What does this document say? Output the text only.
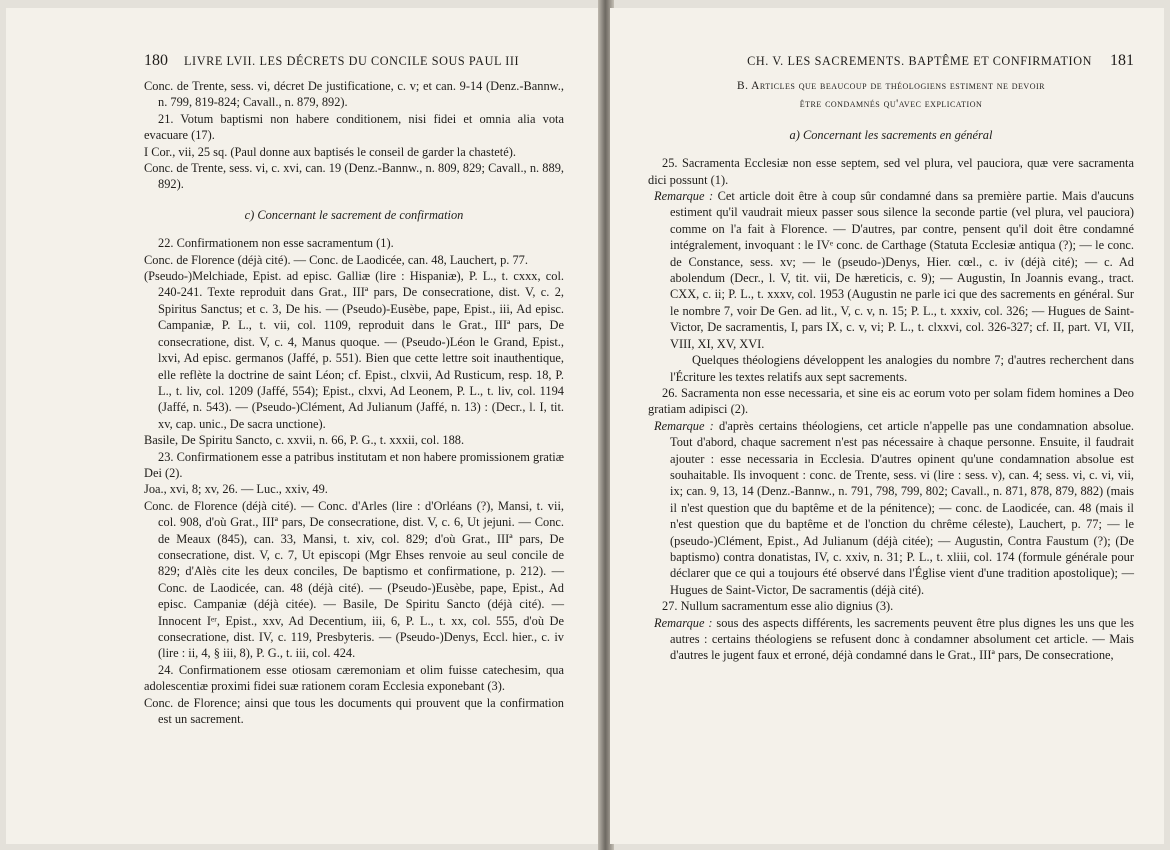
180 LIVRE LVII. LES DÉCRETS DU CONCILE SOUS PAUL III

Conc. de Trente, sess. vi, décret De justificatione, c. v; et can. 9-14 (Denz.-Bannw., n. 799, 819-824; Cavall., n. 879, 892).

21. Votum baptismi non habere conditionem, nisi fidei et omnia alia vota evacuare (17).

I Cor., vii, 25 sq. (Paul donne aux baptisés le conseil de garder la chasteté).

Conc. de Trente, sess. vi, c. xvi, can. 19 (Denz.-Bannw., n. 809, 829; Cavall., n. 889, 892).

c) Concernant le sacrement de confirmation

22. Confirmationem non esse sacramentum (1).

Conc. de Florence (déjà cité). — Conc. de Laodicée, can. 48, Lauchert, p. 77.

(Pseudo-)Melchiade, Epist. ad episc. Galliæ (lire : Hispaniæ), P. L., t. cxxx, col. 240-241. Texte reproduit dans Grat., IIIª pars, De consecratione, dist. V, c. 2, Spiritus Sanctus; et c. 3, De his. — (Pseudo)-Eusèbe, pape, Epist., iii, Ad episc. Campaniæ, P. L., t. vii, col. 1109, reproduit dans le Grat., IIIª pars, De consecratione, dist. V, c. 4, Manus quoque. — (Pseudo-)Léon le Grand, Epist., lxvi, Ad episc. germanos (Jaffé, p. 551). Bien que cette lettre soit inauthentique, elle reflète la doctrine de saint Léon; cf. Epist., clxvii, Ad Rusticum, resp. 18, P. L., t. liv, col. 1209 (Jaffé, 554); Epist., clxvi, Ad Leonem, P. L., t. liv, col. 1194 (Jaffé, n. 543). — (Pseudo-)Clément, Ad Julianum (Jaffé, n. 13) : (Decr., l. I, tit. xv, cap. unic., De sacra unctione).

Basile, De Spiritu Sancto, c. xxvii, n. 66, P. G., t. xxxii, col. 188.

23. Confirmationem esse a patribus institutam et non habere promissionem gratiæ Dei (2).

Joa., xvi, 8; xv, 26. — Luc., xxiv, 49.

Conc. de Florence (déjà cité). — Conc. d'Arles (lire : d'Orléans (?), Mansi, t. vii, col. 908, d'où Grat., IIIª pars, De consecratione, dist. V, c. 6, Ut jejuni. — Conc. de Meaux (845), can. 33, Mansi, t. xiv, col. 829; d'où Grat., IIIª pars, De consecratione, dist. V, c. 7, Ut episcopi (Mgr Ehses renvoie au seul concile de 829; d'Alès cite les deux conciles, De baptismo et confirmatione, p. 212). — Conc. de Laodicée, can. 48 (déjà cité). — (Pseudo-)Eusèbe, pape, Epist., Ad episc. Campaniæ (déjà citée). — Basile, De Spiritu Sancto (déjà cité). — Innocent Iᵉʳ, Epist., xxv, Ad Decentium, iii, 6, P. L., t. xx, col. 555, d'où De consecratione, dist. IV, c. 119, Presbyteris. — (Pseudo-)Denys, Eccl. hier., c. iv (lire : ii, 4, § iii, 8), P. G., t. iii, col. 424.

24. Confirmationem esse otiosam cæremoniam et olim fuisse catechesim, qua adolescentiæ proximi fidei suæ rationem coram Ecclesia exponebant (3).

Conc. de Florence; ainsi que tous les documents qui prouvent que la confirmation est un sacrement.

CH. V. LES SACREMENTS. BAPTÊME ET CONFIRMATION 181

B. Articles que beaucoup de théologiens estiment ne devoir

être condamnés qu'avec explication

a) Concernant les sacrements en général

25. Sacramenta Ecclesiæ non esse septem, sed vel plura, vel pauciora, quæ vere sacramenta dici possunt (1).

Remarque : Cet article doit être à coup sûr condamné dans sa première partie. Mais d'aucuns estiment qu'il vaudrait mieux passer sous silence la seconde partie (vel plura, vel pauciora) comme on l'a fait à Florence. — D'autres, par contre, pensent qu'il doit être condamné intégralement, invoquant : le IVᵉ conc. de Carthage (Statuta Ecclesiæ antiqua (?); — le conc. de Constance, sess. xv; — le (pseudo-)Denys, Hier. cœl., c. iv (déjà cité); — c. Ad abolendum (Decr., l. V, tit. vii, De hæreticis, c. 9); — Augustin, In Joannis evang., tract. CXX, c. ii; P. L., t. xxxv, col. 1953 (Augustin ne parle ici que des sacrements en général. Sur le nombre 7, voir De Gen. ad lit., V, c. v, n. 15; P. L., t. xxxiv, col. 326; — Hugues de Saint-Victor, De sacramentis, I, pars IX, c. v, vi; P. L., t. clxxvi, col. 326-327; cf. II, part. VI, VII, VIII, XI, XV, XVI.

Quelques théologiens développent les analogies du nombre 7; d'autres recherchent dans l'Écriture les textes relatifs aux sept sacrements.

26. Sacramenta non esse necessaria, et sine eis ac eorum voto per solam fidem homines a Deo gratiam adipisci (2).

Remarque : d'après certains théologiens, cet article n'appelle pas une condamnation absolue. Tout d'abord, chaque sacrement n'est pas nécessaire à chaque personne. Ensuite, il faudrait ajouter : esse necessaria in Ecclesia. D'autres opinent qu'une condamnation absolue est souhaitable. Ils invoquent : conc. de Trente, sess. vi (lire : sess. v), can. 4; sess. vi, c. vi, vii, ix; can. 9, 13, 14 (Denz.-Bannw., n. 791, 798, 799, 802; Cavall., n. 871, 878, 879, 882) (mais il n'est question que du baptême et de la pénitence); — conc. de Laodicée, can. 48 (mais il n'est question que du baptême et de l'onction du chrême céleste), Lauchert, p. 77; — le (pseudo-)Clément, Epist., Ad Julianum (déjà citée); — Augustin, Contra Faustum (?); (De baptismo) contra donatistas, IV, c. xxiv, n. 31; P. L., t. xliii, col. 174 (formule générale pour déclarer que ce qui a toujours été observé dans l'Église vient d'une tradition apostolique); — Hugues de Saint-Victor, De sacramentis (déjà cité).

27. Nullum sacramentum esse alio dignius (3).

Remarque : sous des aspects différents, les sacrements peuvent être plus dignes les uns que les autres : certains théologiens se refusent donc à condamner absolument cet article. — Mais d'autres le jugent faux et erroné, déjà condamné dans le Grat., IIIª pars, De consecratione,
